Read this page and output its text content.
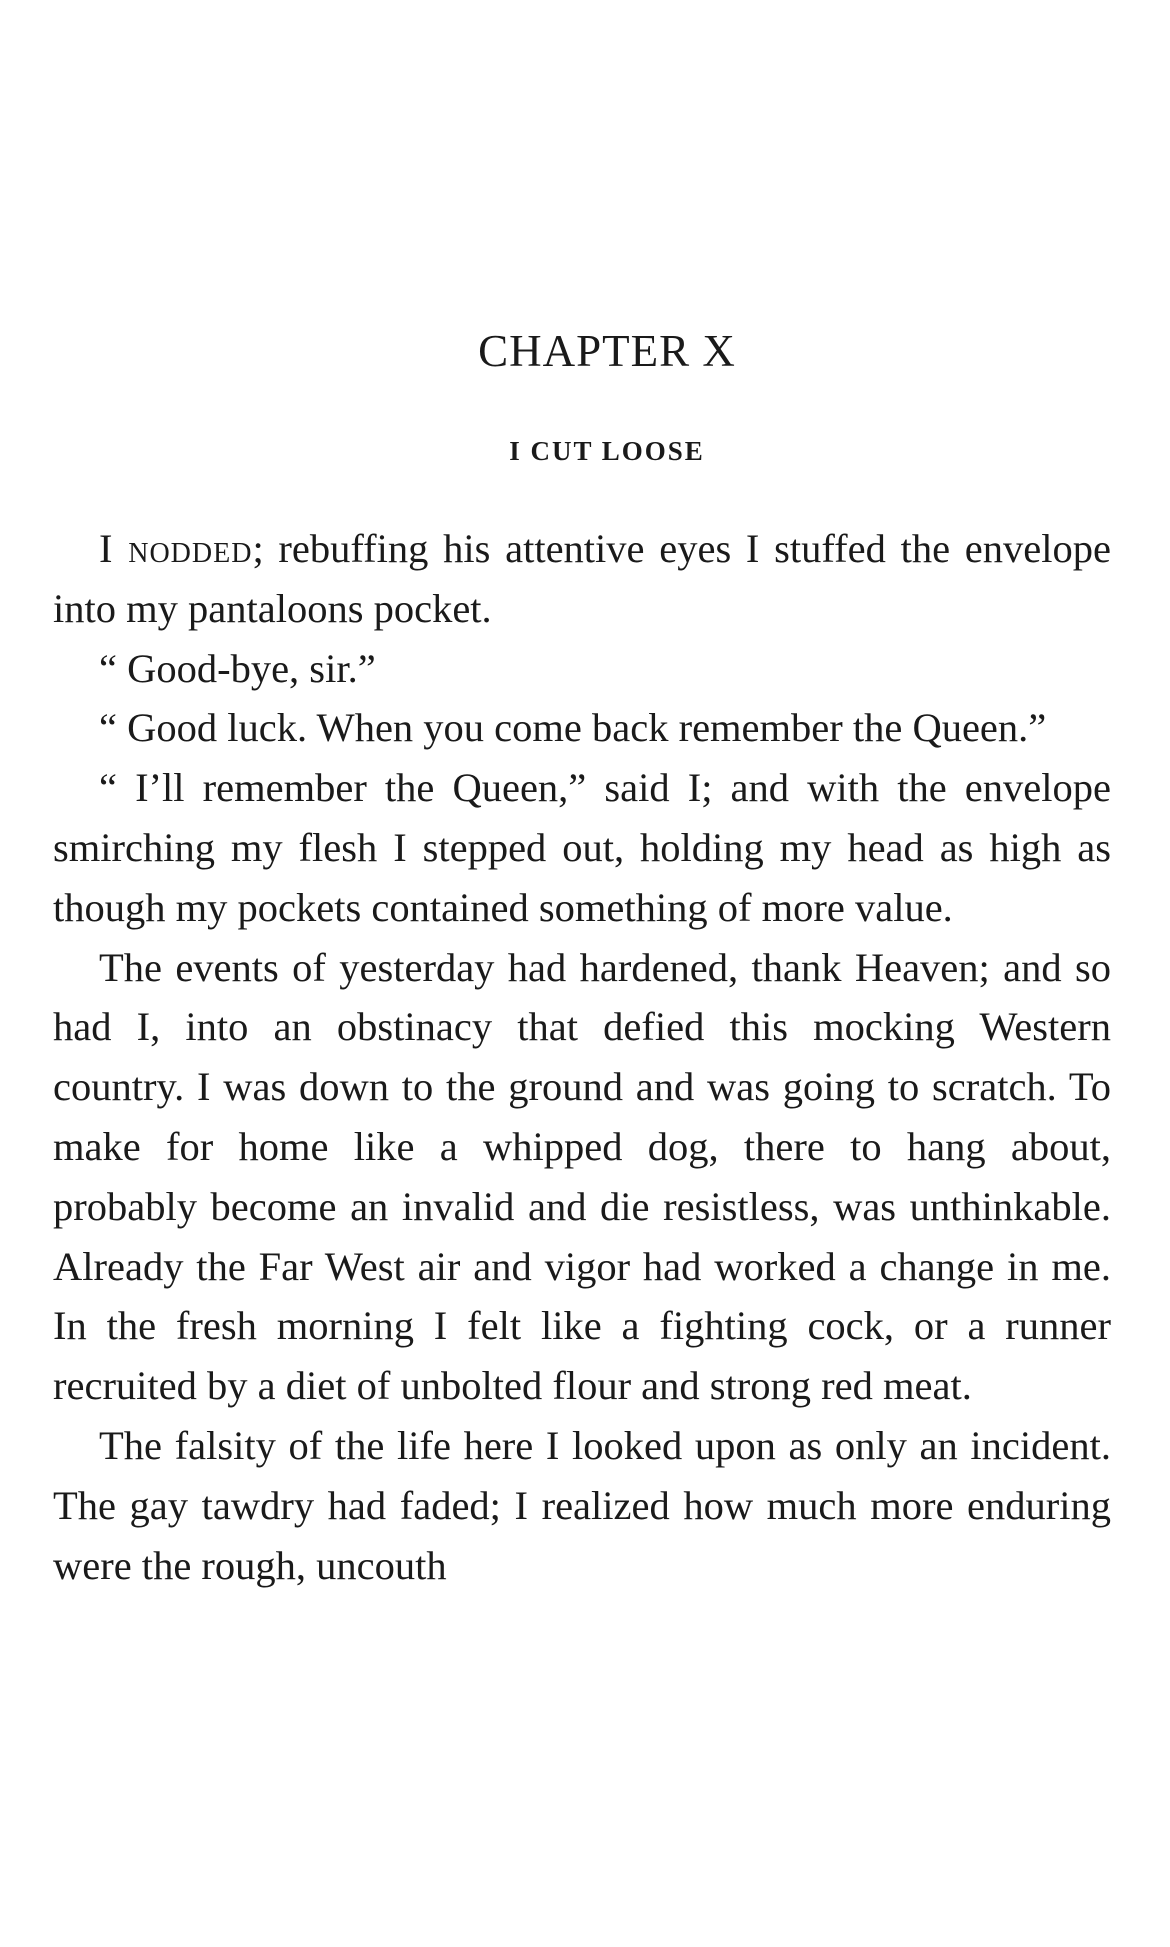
CHAPTER X
I CUT LOOSE

I nodded; rebuffing his attentive eyes I stuffed the envelope into my pantaloons pocket.

“ Good-bye, sir.”

“ Good luck. When you come back remember the Queen.”

“ I’ll remember the Queen,” said I; and with the envelope smirching my flesh I stepped out, holding my head as high as though my pockets contained something of more value.

The events of yesterday had hardened, thank Heaven; and so had I, into an obstinacy that defied this mocking Western country. I was down to the ground and was going to scratch. To make for home like a whipped dog, there to hang about, probably become an invalid and die resistless, was unthinkable. Already the Far West air and vigor had worked a change in me. In the fresh morning I felt like a fighting cock, or a runner recruited by a diet of unbolted flour and strong red meat.

The falsity of the life here I looked upon as only an incident. The gay tawdry had faded; I realized how much more enduring were the rough, uncouth
